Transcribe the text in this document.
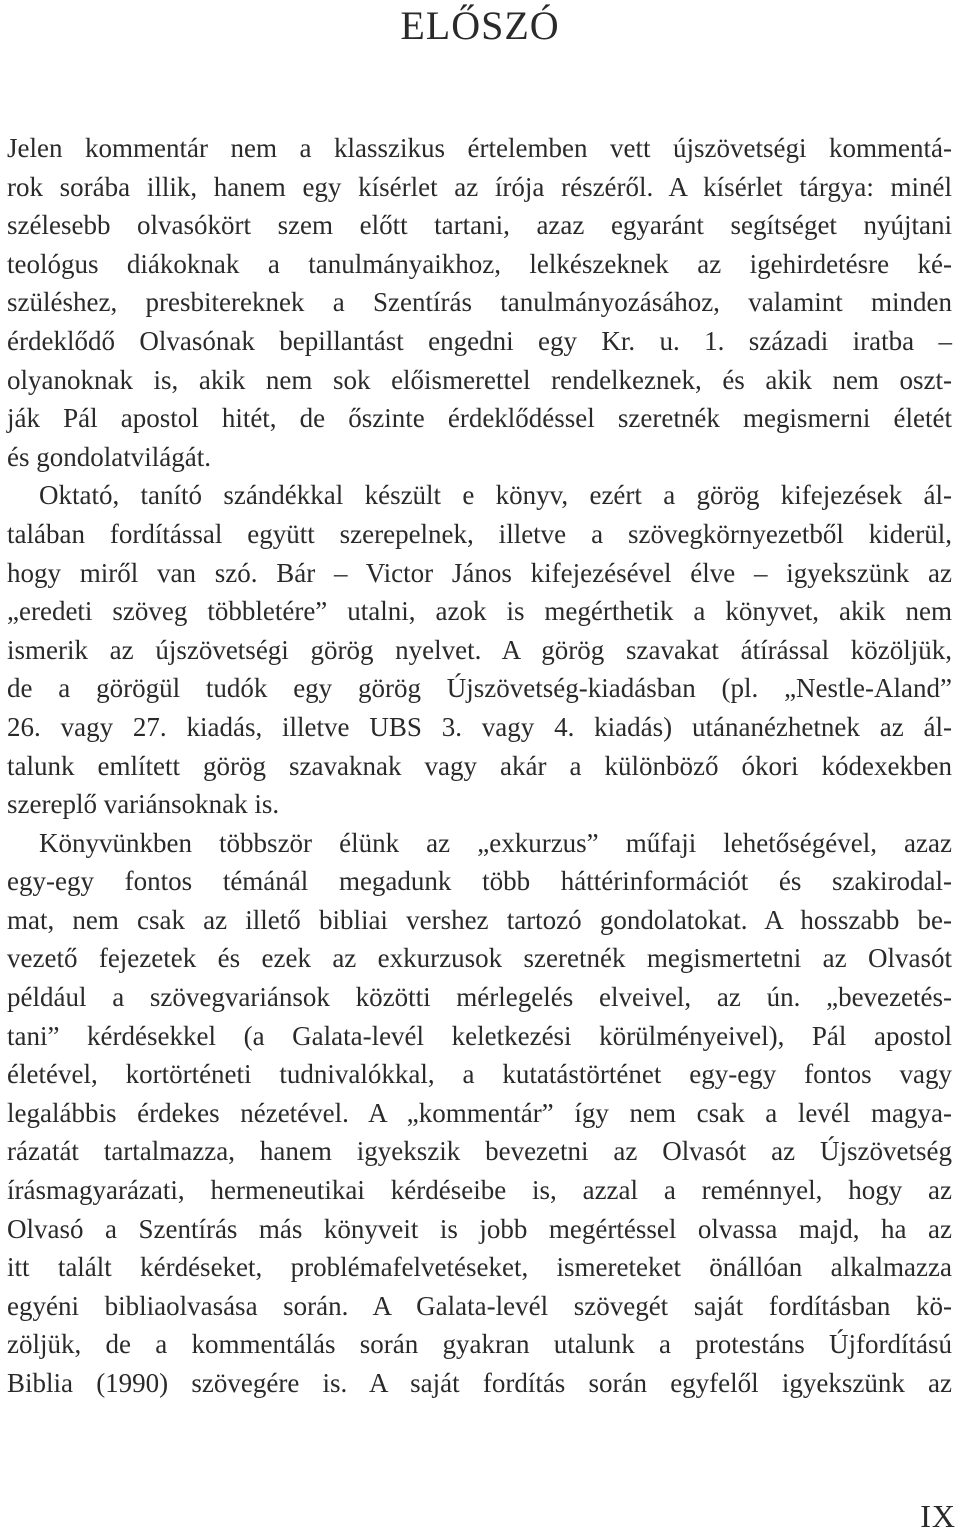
ELŐSZÓ
Jelen kommentár nem a klasszikus értelemben vett újszövetségi kommentá-
rok sorába illik, hanem egy kísérlet az írója részéről. A kísérlet tárgya: minél
szélesebb olvasókört szem előtt tartani, azaz egyaránt segítséget nyújtani
teológus diákoknak a tanulmányaikhoz, lelkészeknek az igehirdetésre ké-
szüléshez, presbitereknek a Szentírás tanulmányozásához, valamint minden
érdeklődő Olvasónak bepillantást engedni egy Kr. u. 1. századi iratba –
olyanoknak is, akik nem sok előismerettel rendelkeznek, és akik nem oszt-
ják Pál apostol hitét, de őszinte érdeklődéssel szeretnék megismerni életét
és gondolatvilágát.
Oktató, tanító szándékkal készült e könyv, ezért a görög kifejezések ál-
talában fordítással együtt szerepelnek, illetve a szövegkörnyezetből kiderül,
hogy miről van szó. Bár – Victor János kifejezésével élve – igyekszünk az
„eredeti szöveg többletére” utalni, azok is megérthetik a könyvet, akik nem
ismerik az újszövetségi görög nyelvet. A görög szavakat átírással közöljük,
de a görögül tudók egy görög Újszövetség-kiadásban (pl. „Nestle-Aland”
26. vagy 27. kiadás, illetve UBS 3. vagy 4. kiadás) utánanézhetnek az ál-
talunk említett görög szavaknak vagy akár a különböző ókori kódexekben
szereplő variánsoknak is.
Könyvünkben többször élünk az „exkurzus” műfaji lehetőségével, azaz
egy-egy fontos témánál megadunk több háttérinformációt és szakirodal-
mat, nem csak az illető bibliai vershez tartozó gondolatokat. A hosszabb be-
vezető fejezetek és ezek az exkurzusok szeretnék megismertetni az Olvasót
például a szövegvariánsok közötti mérlegelés elveivel, az ún. „bevezetés-
tani” kérdésekkel (a Galata-levél keletkezési körülményeivel), Pál apostol
életével, kortörténeti tudnivalókkal, a kutatástörténet egy-egy fontos vagy
legalábbis érdekes nézetével. A „kommentár” így nem csak a levél magya-
rázatát tartalmazza, hanem igyekszik bevezetni az Olvasót az Újszövetség
írásmagyarázati, hermeneutikai kérdéseibe is, azzal a reménnyel, hogy az
Olvasó a Szentírás más könyveit is jobb megértéssel olvassa majd, ha az
itt talált kérdéseket, problémafelvetéseket, ismereteket önállóan alkalmazza
egyéni bibliaolvasása során. A Galata-levél szövegét saját fordításban kö-
zöljük, de a kommentálás során gyakran utalunk a protestáns Újfordítású
Biblia (1990) szövegére is. A saját fordítás során egyfelől igyekszünk az
IX
